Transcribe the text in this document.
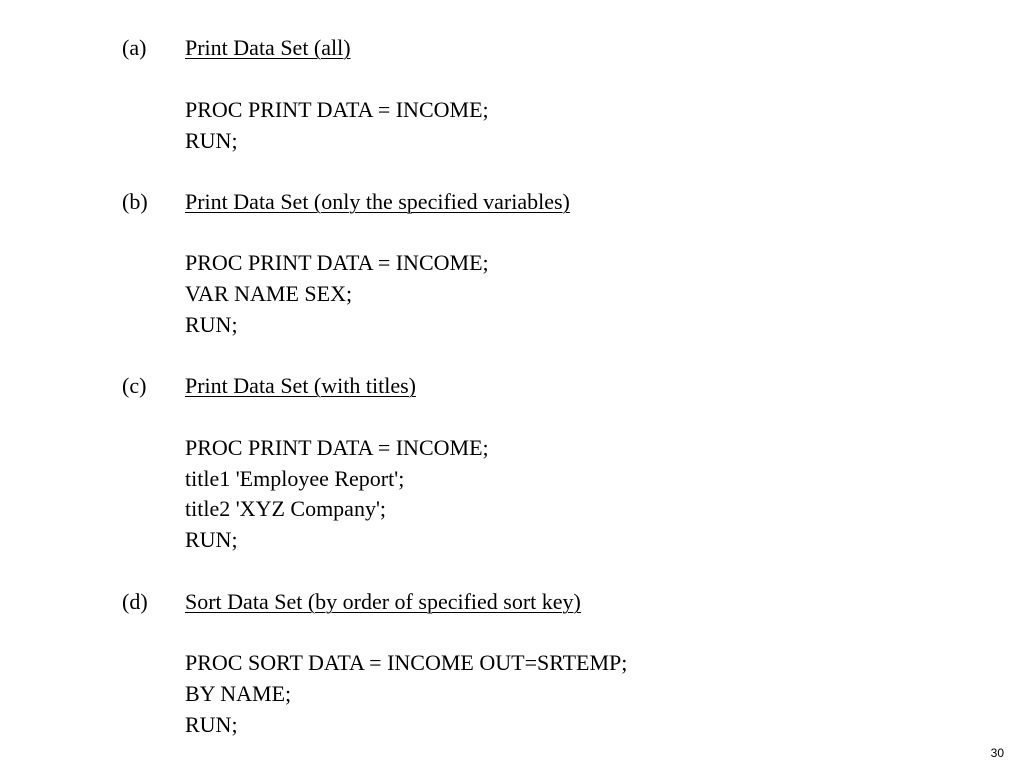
(a) Print Data Set (all)
PROC PRINT DATA = INCOME;
RUN;
(b) Print Data Set (only the specified variables)
PROC PRINT DATA = INCOME;
VAR NAME SEX;
RUN;
(c) Print Data Set (with titles)
PROC PRINT DATA = INCOME;
title1 'Employee Report';
title2 'XYZ Company';
RUN;
(d) Sort Data Set (by order of specified sort key)
PROC SORT DATA = INCOME OUT=SRTEMP;
BY NAME;
RUN;
30
